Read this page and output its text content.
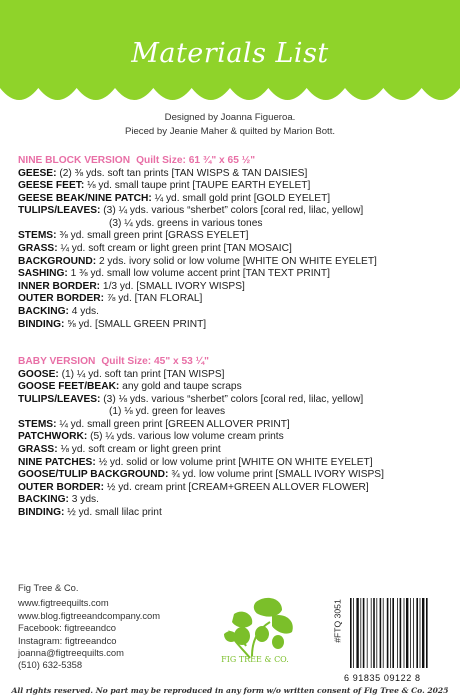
Materials List
Designed by Joanna Figueroa.
Pieced by Jeanie Maher & quilted by Marion Bott.
NINE BLOCK VERSION Quilt Size: 61 ¾" x 65 ½"
GEESE: (2) ⅜ yds. soft tan prints [TAN WISPS & TAN DAISIES]
GEESE FEET: ⅛ yd. small taupe print [TAUPE EARTH EYELET]
GEESE BEAK/NINE PATCH: ¼ yd. small gold print [GOLD EYELET]
TULIPS/LEAVES: (3) ¼ yds. various “sherbet” colors [coral red, lilac, yellow]
(3) ¼ yds. greens in various tones
STEMS: ⅜ yd. small green print [GRASS EYELET]
GRASS: ¼ yd. soft cream or light green print [TAN MOSAIC]
BACKGROUND: 2 yds. ivory solid or low volume [WHITE ON WHITE EYELET]
SASHING: 1 ⅜ yd. small low volume accent print [TAN TEXT PRINT]
INNER BORDER: 1/3 yd. [SMALL IVORY WISPS]
OUTER BORDER: ⅞ yd. [TAN FLORAL]
BACKING: 4 yds.
BINDING: ⅝ yd. [SMALL GREEN PRINT]
BABY VERSION Quilt Size: 45" x 53 ¼"
GOOSE: (1) ¼ yd. soft tan print [TAN WISPS]
GOOSE FEET/BEAK: any gold and taupe scraps
TULIPS/LEAVES: (3) ⅛ yds. various “sherbet” colors [coral red, lilac, yellow]
(1) ⅛ yd. green for leaves
STEMS: ¼ yd. small green print [GREEN ALLOVER PRINT]
PATCHWORK: (5) ¼ yds. various low volume cream prints
GRASS: ⅛ yd. soft cream or light green print
NINE PATCHES: ½ yd. solid or low volume print [WHITE ON WHITE EYELET]
GOOSE/TULIP BACKGROUND: ¾ yd. low volume print [SMALL IVORY WISPS]
OUTER BORDER: ½ yd. cream print [CREAM+GREEN ALLOVER FLOWER]
BACKING: 3 yds.
BINDING: ½ yd. small lilac print
Fig Tree & Co.
www.figtreequilts.com
www.blog.figtreeandcompany.com
Facebook: figtreeandco
Instagram: figtreeandco
joanna@figtreequilts.com
(510) 632-5358	FIG TREE & CO.
#FTQ 3051
6 91835 09122 8
All rights reserved. No part may be reproduced in any form w/o written consent of Fig Tree & Co. 2025
